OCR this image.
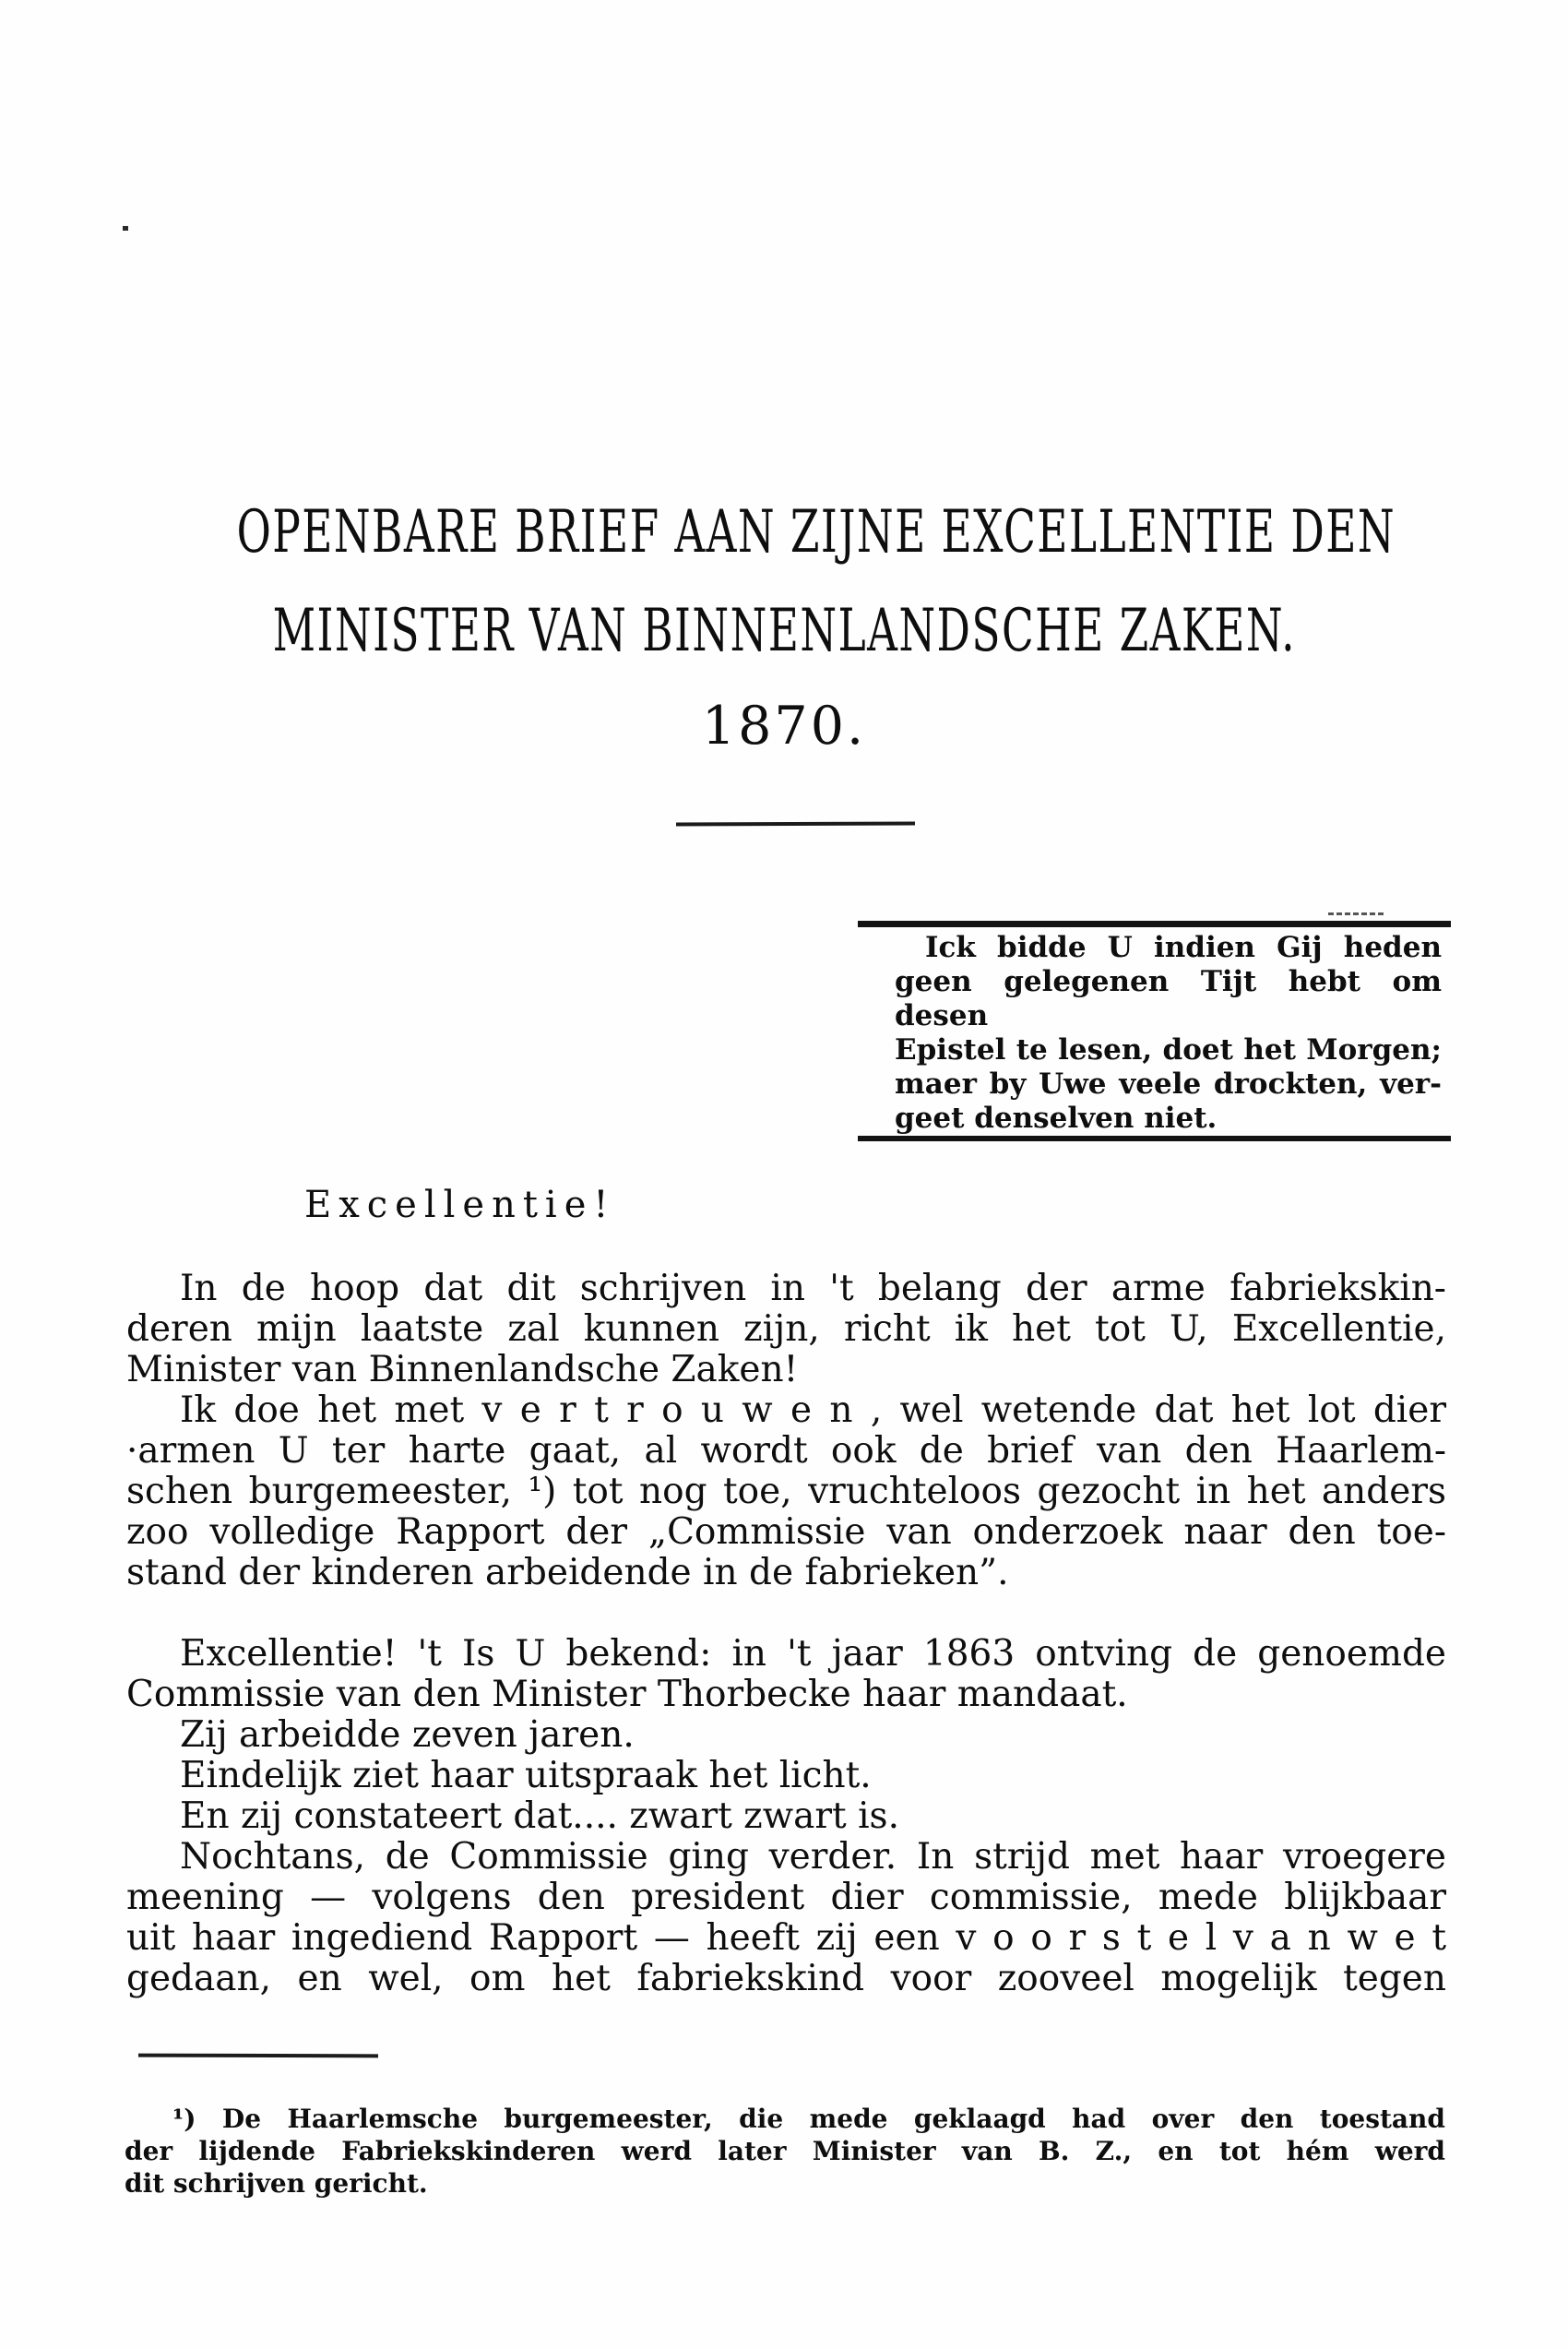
OPENBARE BRIEF AAN ZIJNE EXCELLENTIE DEN
MINISTER VAN BINNENLANDSCHE ZAKEN.
1870.
Ick bidde U indien Gij heden
geen gelegenen Tijt hebt om desen
Epistel te lesen, doet het Morgen;
maer by Uwe veele drockten, ver-
geet denselven niet.
Excellentie!
In de hoop dat dit schrijven in 't belang der arme fabriekskin-
deren mijn laatste zal kunnen zijn, richt ik het tot U, Excellentie,
Minister van Binnenlandsche Zaken!
Ik doe het met v e r t r o u w e n , wel wetende dat het lot dier
·armen U ter harte gaat, al wordt ook de brief van den Haarlem-
schen burgemeester, ¹) tot nog toe, vruchteloos gezocht in het anders
zoo volledige Rapport der „Commissie van onderzoek naar den toe-
stand der kinderen arbeidende in de fabrieken”.
Excellentie! 't Is U bekend: in 't jaar 1863 ontving de genoemde
Commissie van den Minister Thorbecke haar mandaat.
Zij arbeidde zeven jaren.
Eindelijk ziet haar uitspraak het licht.
En zij constateert dat.... zwart zwart is.
Nochtans, de Commissie ging verder. In strijd met haar vroegere
meening — volgens den president dier commissie, mede blijkbaar
uit haar ingediend Rapport — heeft zij een v o o r s t e l v a n w e t
gedaan, en wel, om het fabriekskind voor zooveel mogelijk tegen
¹) De Haarlemsche burgemeester, die mede geklaagd had over den toestand
der lijdende Fabriekskinderen werd later Minister van B. Z., en tot hém werd
dit schrijven gericht.
